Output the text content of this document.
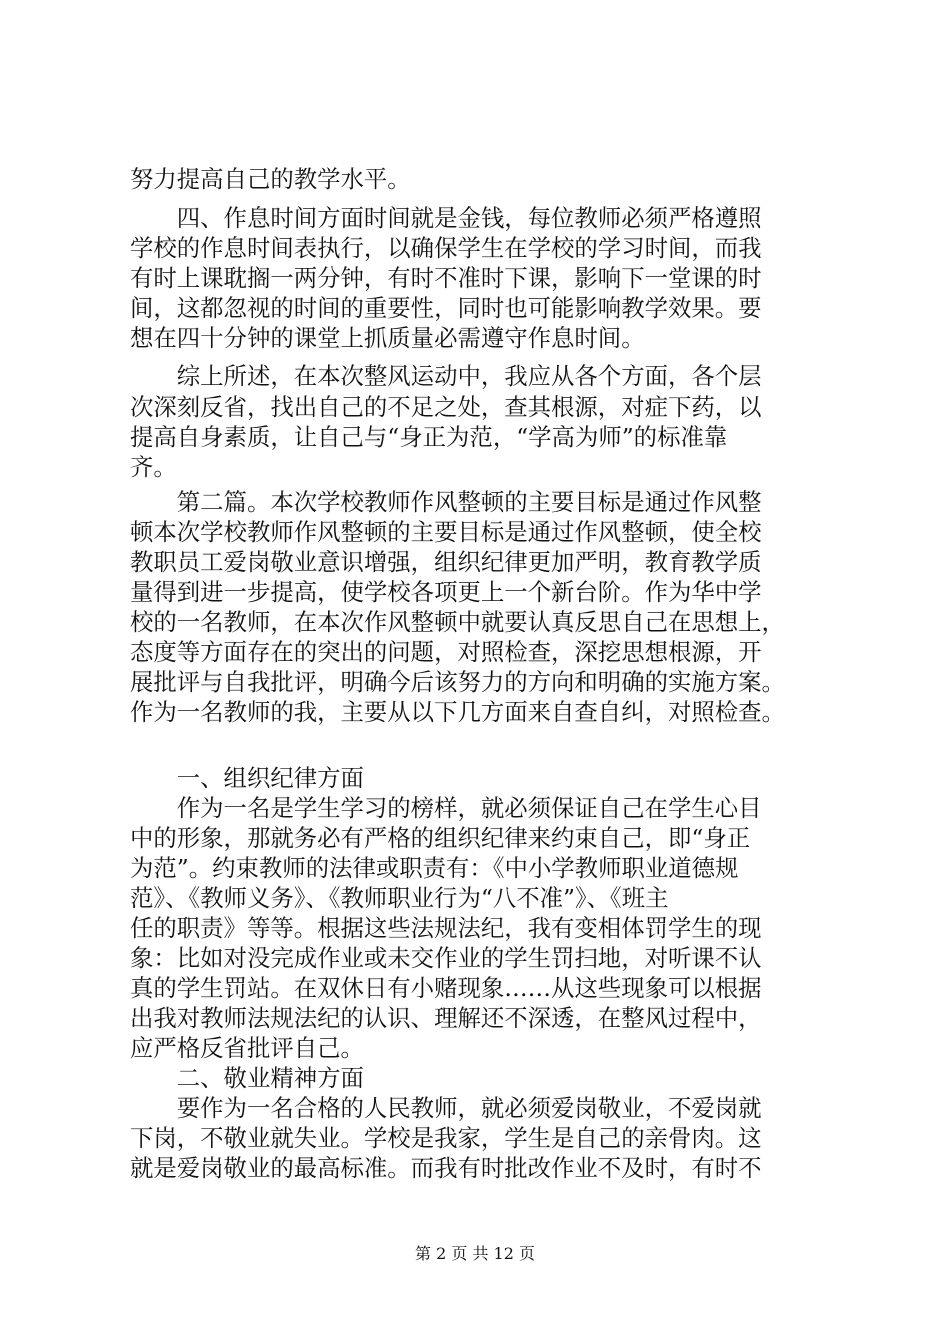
努力提高自己的教学水平。
　　四、作息时间方面时间就是金钱，每位教师必须严格遵照
学校的作息时间表执行，以确保学生在学校的学习时间，而我
有时上课耽搁一两分钟，有时不准时下课，影响下一堂课的时
间，这都忽视的时间的重要性，同时也可能影响教学效果。要
想在四十分钟的课堂上抓质量必需遵守作息时间。
　　综上所述，在本次整风运动中，我应从各个方面，各个层
次深刻反省，找出自己的不足之处，查其根源，对症下药，以
提高自身素质，让自己与“身正为范，“学高为师”的标准靠
齐。
　　第二篇。本次学校教师作风整顿的主要目标是通过作风整
顿本次学校教师作风整顿的主要目标是通过作风整顿，使全校
教职员工爱岗敬业意识增强，组织纪律更加严明，教育教学质
量得到进一步提高，使学校各项更上一个新台阶。作为华中学
校的一名教师，在本次作风整顿中就要认真反思自己在思想上，
态度等方面存在的突出的问题，对照检查，深挖思想根源，开
展批评与自我批评，明确今后该努力的方向和明确的实施方案。
作为一名教师的我，主要从以下几方面来自查自纠，对照检查。
　　一、组织纪律方面
　　作为一名是学生学习的榜样，就必须保证自己在学生心目
中的形象，那就务必有严格的组织纪律来约束自己，即“身正
为范”。约束教师的法律或职责有：《中小学教师职业道德规
范》、《教师义务》、《教师职业行为“八不准”》、《班主
任的职责》等等。根据这些法规法纪，我有变相体罚学生的现
象：比如对没完成作业或未交作业的学生罚扫地，对听课不认
真的学生罚站。在双休日有小赌现象……从这些现象可以根据
出我对教师法规法纪的认识、理解还不深透，在整风过程中，
应严格反省批评自己。
　　二、敬业精神方面
　　要作为一名合格的人民教师，就必须爱岗敬业，不爱岗就
下岗，不敬业就失业。学校是我家，学生是自己的亲骨肉。这
就是爱岗敬业的最高标准。而我有时批改作业不及时，有时不
第 2 页 共 12 页
